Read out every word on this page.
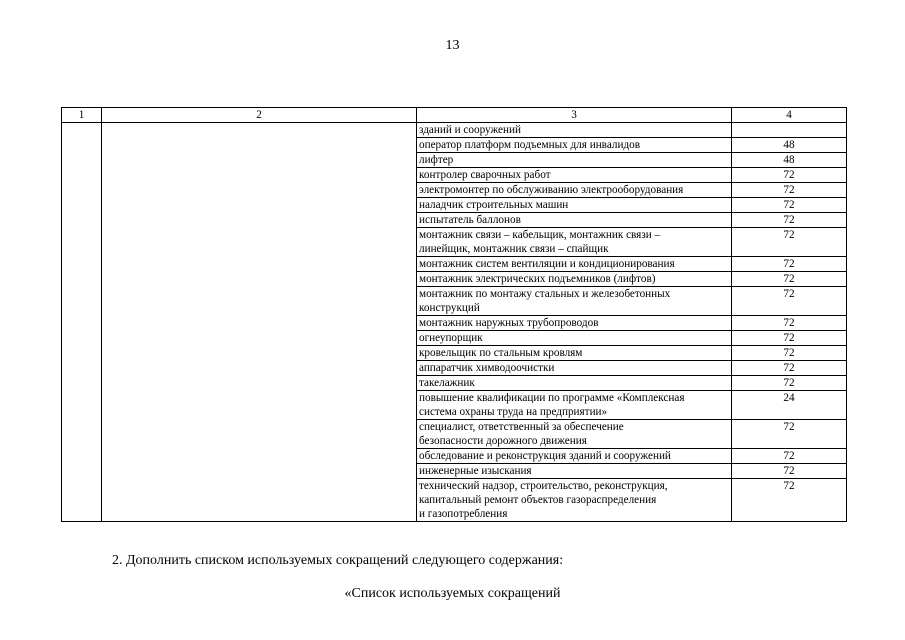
13
1	2	3	4
		зданий и сооружений	
		оператор платформ подъемных для инвалидов	48
		лифтер	48
		контролер сварочных работ	72
		электромонтер по обслуживанию электрооборудования	72
		наладчик строительных машин	72
		испытатель баллонов	72
		монтажник связи – кабельщик, монтажник связи –
линейщик, монтажник связи – спайщик	72
		монтажник систем вентиляции и кондиционирования	72
		монтажник электрических подъемников (лифтов)	72
		монтажник по монтажу стальных и железобетонных
конструкций	72
		монтажник наружных трубопроводов	72
		огнеупорщик	72
		кровельщик по стальным кровлям	72
		аппаратчик химводоочистки	72
		такелажник	72
		повышение квалификации по программе «Комплексная
система охраны труда на предприятии»	24
		специалист, ответственный за обеспечение
безопасности дорожного движения	72
		обследование и реконструкция зданий и сооружений	72
		инженерные изыскания	72
		технический надзор, строительство, реконструкция,
капитальный ремонт объектов газораспределения
и газопотребления	72
2. Дополнить списком используемых сокращений следующего содержания:
«Список используемых сокращений
